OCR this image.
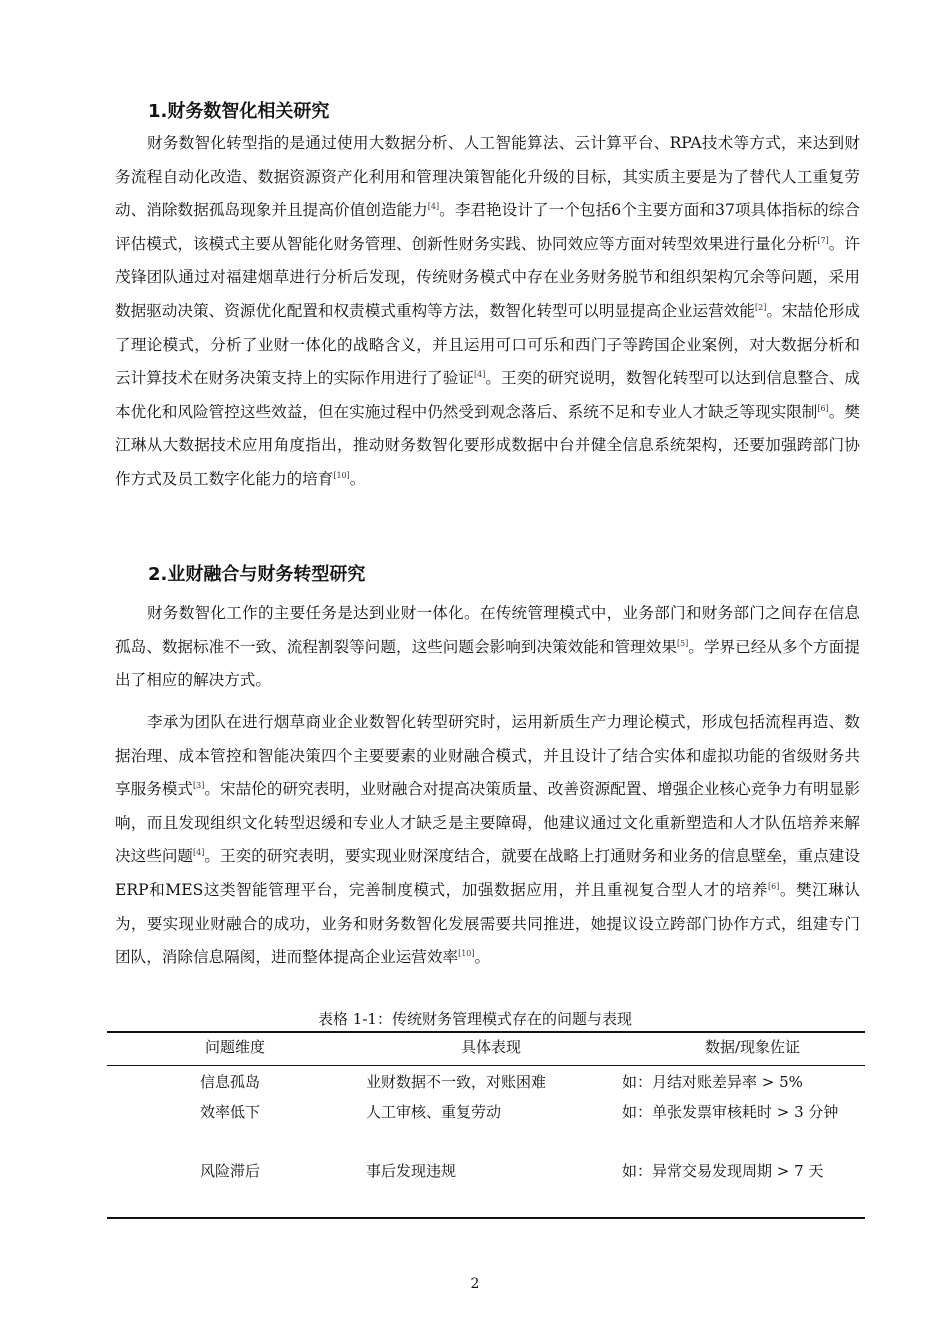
1.财务数智化相关研究

财务数智化转型指的是通过使用大数据分析、人工智能算法、云计算平台、RPA技术等方式，来达到财务流程自动化改造、数据资源资产化利用和管理决策智能化升级的目标，其实质主要是为了替代人工重复劳动、消除数据孤岛现象并且提高价值创造能力[4]。李君艳设计了一个包括6个主要方面和37项具体指标的综合评估模式，该模式主要从智能化财务管理、创新性财务实践、协同效应等方面对转型效果进行量化分析[7]。许茂锋团队通过对福建烟草进行分析后发现，传统财务模式中存在业务财务脱节和组织架构冗余等问题，采用数据驱动决策、资源优化配置和权责模式重构等方法，数智化转型可以明显提高企业运营效能[2]。宋喆伦形成了理论模式，分析了业财一体化的战略含义，并且运用可口可乐和西门子等跨国企业案例，对大数据分析和云计算技术在财务决策支持上的实际作用进行了验证[4]。王奕的研究说明，数智化转型可以达到信息整合、成本优化和风险管控这些效益，但在实施过程中仍然受到观念落后、系统不足和专业人才缺乏等现实限制[6]。樊江琳从大数据技术应用角度指出，推动财务数智化要形成数据中台并健全信息系统架构，还要加强跨部门协作方式及员工数字化能力的培育[10]。

2.业财融合与财务转型研究

财务数智化工作的主要任务是达到业财一体化。在传统管理模式中，业务部门和财务部门之间存在信息孤岛、数据标准不一致、流程割裂等问题，这些问题会影响到决策效能和管理效果[5]。学界已经从多个方面提出了相应的解决方式。

李承为团队在进行烟草商业企业数智化转型研究时，运用新质生产力理论模式，形成包括流程再造、数据治理、成本管控和智能决策四个主要要素的业财融合模式，并且设计了结合实体和虚拟功能的省级财务共享服务模式[3]。宋喆伦的研究表明，业财融合对提高决策质量、改善资源配置、增强企业核心竞争力有明显影响，而且发现组织文化转型迟缓和专业人才缺乏是主要障碍，他建议通过文化重新塑造和人才队伍培养来解决这些问题[4]。王奕的研究表明，要实现业财深度结合，就要在战略上打通财务和业务的信息壁垒，重点建设ERP和MES这类智能管理平台，完善制度模式，加强数据应用，并且重视复合型人才的培养[6]。樊江琳认为，要实现业财融合的成功，业务和财务数智化发展需要共同推进，她提议设立跨部门协作方式，组建专门团队，消除信息隔阂，进而整体提高企业运营效率[10]。

表格 1-1：传统财务管理模式存在的问题与表现
问题维度	具体表现	数据/现象佐证
信息孤岛	业财数据不一致，对账困难	如：月结对账差异率 > 5%
效率低下	人工审核、重复劳动	如：单张发票审核耗时 > 3 分钟
风险滞后	事后发现违规	如：异常交易发现周期 > 7 天
2
